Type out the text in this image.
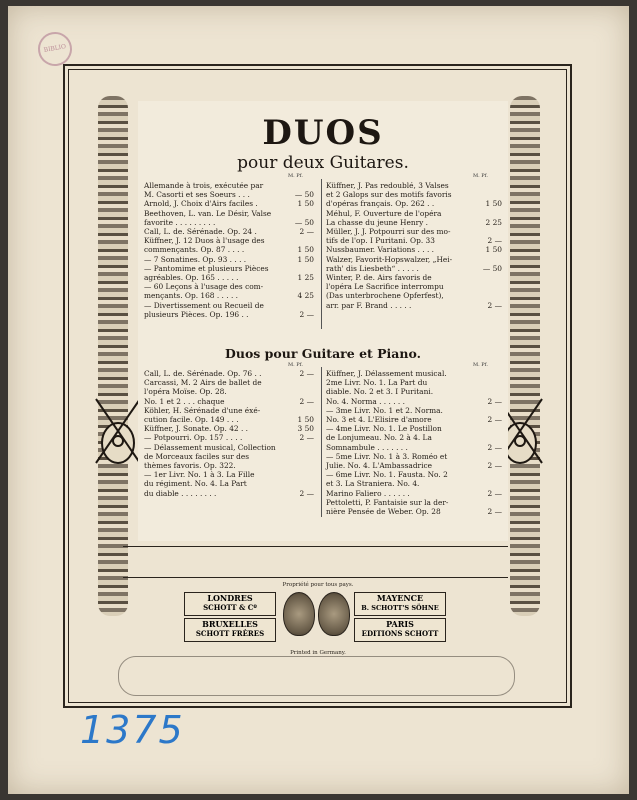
BIBLIO
DUOS
pour deux Guitares.
M. Pf.	M. Pf.
Allemande à trois, exécutée par
M. Casorti et ses Soeurs . . .	— 50
Arnold, J. Choix d'Airs faciles .	1 50
Beethoven, L. van. Le Désir, Valse
favorite . . . . . . . . .	— 50
Call, L. de. Sérénade. Op. 24 .	2 —
Küffner, J. 12 Duos à l'usage des
commençants. Op. 87 . . . .	1 50
— 7 Sonatines. Op. 93 . . . .	1 50
— Pantomime et plusieurs Pièces
agréables. Op. 165 . . . . .	1 25
— 60 Leçons à l'usage des com-
mençants. Op. 168 . . . . .	4 25
— Divertissement ou Recueil de
plusieurs Pièces. Op. 196 . .	2 —
Küffner, J. Pas redoublé, 3 Valses
et 2 Galops sur des motifs favoris
d'opéras français. Op. 262 . .	1 50
Méhul, F. Ouverture de l'opéra
La chasse du jeune Henry .	2 25
Müller, J. J. Potpourri sur des mo-
tifs de l'op. I Puritani. Op. 33	2 —
Nussbaumer. Variations . . . .	1 50
Walzer, Favorit-Hopswalzer, „Hei-
rath' dis Liesbeth“ . . . . .	— 50
Winter, P. de. Airs favoris de
l'opéra Le Sacrifice interrompu
(Das unterbrochene Opferfest),
arr. par F. Brand . . . . .	2 —
Duos pour Guitare et Piano.
M. Pf.	M. Pf.
Call, L. de. Sérénade. Op. 76 . .	2 —
Carcassi, M. 2 Airs de ballet de
l'opéra Moïse. Op. 28.
No. 1 et 2 . . . chaque	2 —
Köhler, H. Sérénade d'une éxé-
cution facile. Op. 149 . . .	1 50
Küffner, J. Sonate. Op. 42 . .	3 50
— Potpourri. Op. 157 . . . .	2 —
— Délassement musical, Collection
de Morceaux faciles sur des
thèmes favoris. Op. 322.
— 1er Livr. No. 1 à 3. La Fille
du régiment. No. 4. La Part
du diable . . . . . . . .	2 —
Küffner, J. Délassement musical.
2me Livr. No. 1. La Part du
diable. No. 2 et 3. I Puritani.
No. 4. Norma . . . . . .	2 —
— 3me Livr. No. 1 et 2. Norma.
No. 3 et 4. L'Elisire d'amore	2 —
— 4me Livr. No. 1. Le Postillon
de Lonjumeau. No. 2 à 4. La
Somnambule . . . . . . .	2 —
— 5me Livr. No. 1 à 3. Roméo et
Julie. No. 4. L'Ambassadrice	2 —
— 6me Livr. No. 1. Fausta. No. 2
et 3. La Straniera. No. 4.
Marino Faliero . . . . . .	2 —
Pettoletti, P. Fantaisie sur la der-
nière Pensée de Weber. Op. 28	2 —
Propriété pour tous pays.
LONDRES
SCHOTT & Cº
BRUXELLES
SCHOTT FRÈRES
MAYENCE
B. SCHOTT'S SÖHNE
PARIS
EDITIONS SCHOTT
Printed in Germany.
1375
